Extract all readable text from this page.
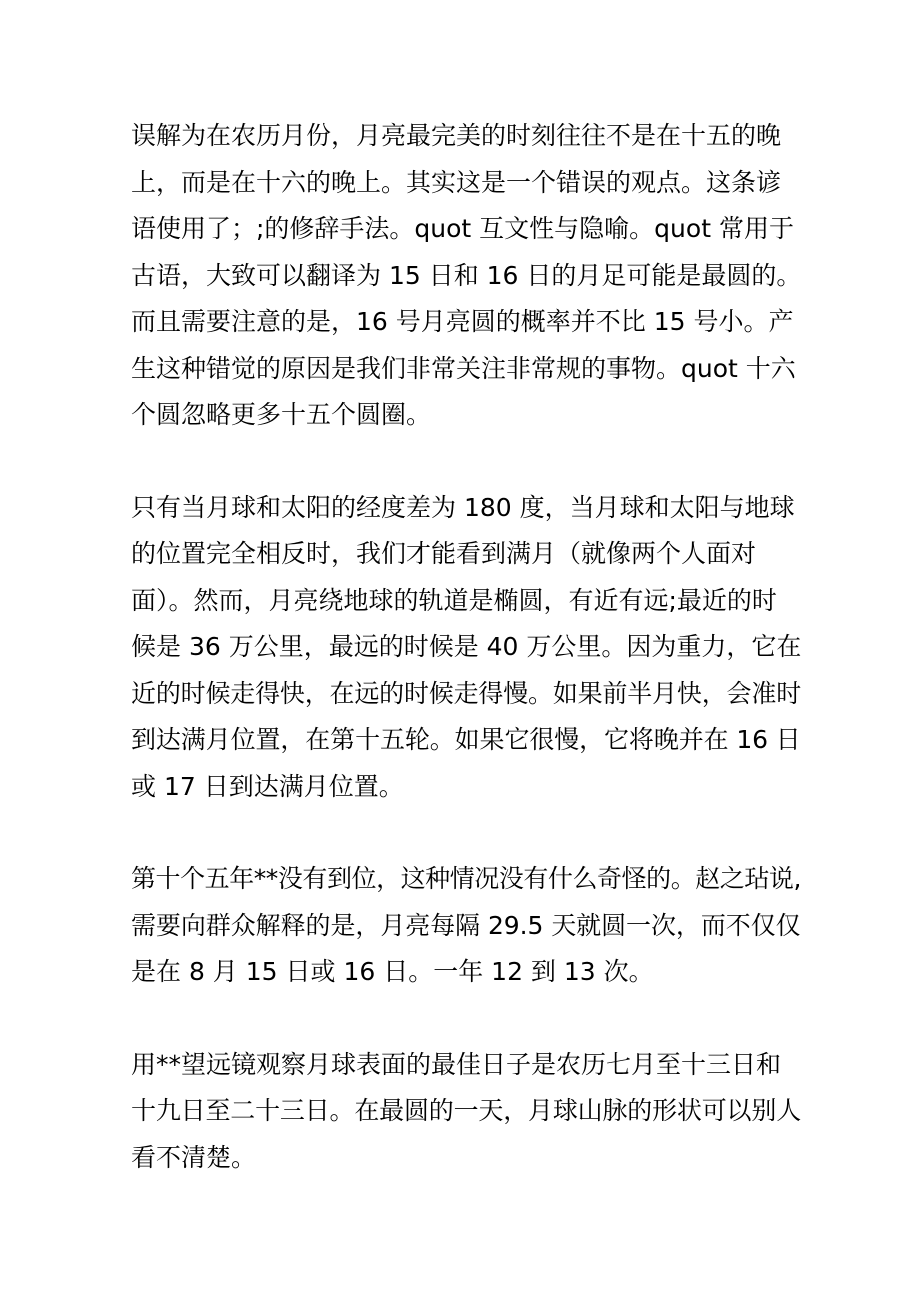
误解为在农历月份，月亮最完美的时刻往往不是在十五的晚
上，而是在十六的晚上。其实这是一个错误的观点。这条谚
语使用了；;的修辞手法。quot 互文性与隐喻。quot 常用于
古语，大致可以翻译为 15 日和 16 日的月足可能是最圆的。
而且需要注意的是，16 号月亮圆的概率并不比 15 号小。产
生这种错觉的原因是我们非常关注非常规的事物。quot 十六
个圆忽略更多十五个圆圈。

只有当月球和太阳的经度差为 180 度，当月球和太阳与地球
的位置完全相反时，我们才能看到满月（就像两个人面对
面）。然而，月亮绕地球的轨道是椭圆，有近有远;最近的时
候是 36 万公里，最远的时候是 40 万公里。因为重力，它在
近的时候走得快，在远的时候走得慢。如果前半月快，会准时
到达满月位置，在第十五轮。如果它很慢，它将晚并在 16 日
或 17 日到达满月位置。

第十个五年**没有到位，这种情况没有什么奇怪的。赵之玷说,
需要向群众解释的是，月亮每隔 29.5 天就圆一次，而不仅仅
是在 8 月 15 日或 16 日。一年 12 到 13 次。

用**望远镜观察月球表面的最佳日子是农历七月至十三日和
十九日至二十三日。在最圆的一天，月球山脉的形状可以别人
看不清楚。
